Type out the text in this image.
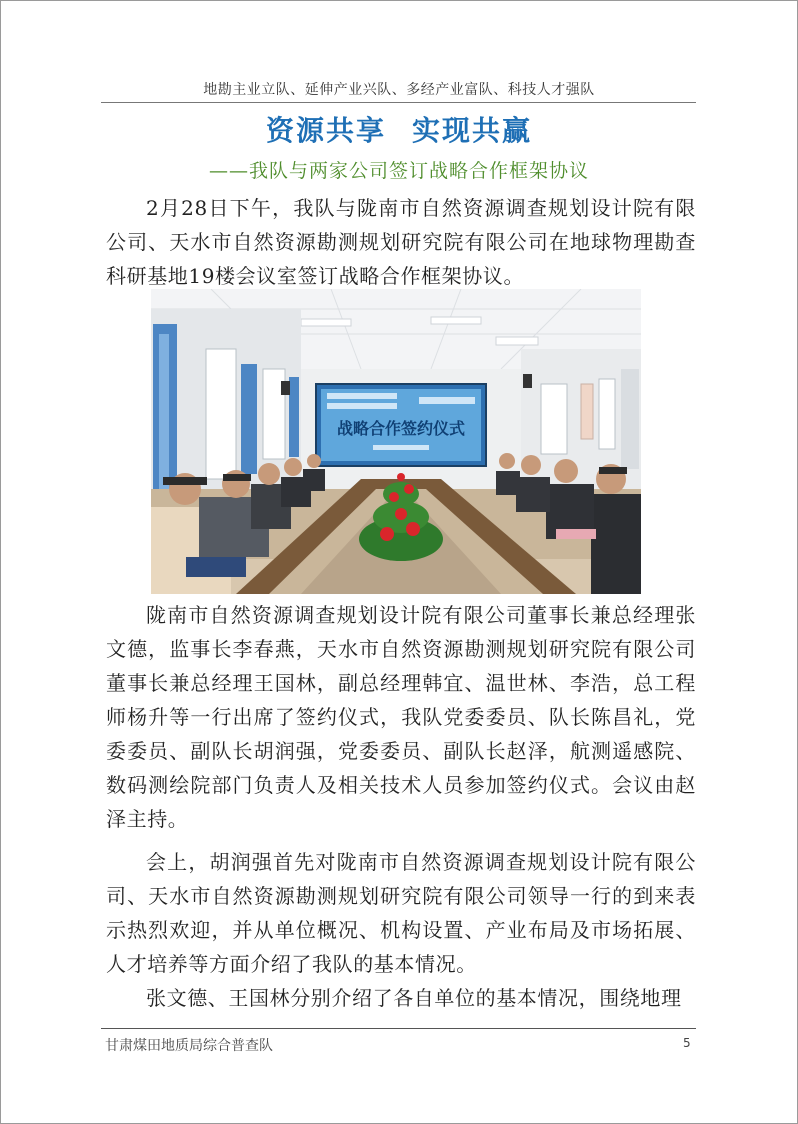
地勘主业立队、延伸产业兴队、多经产业富队、科技人才强队
资源共享 实现共赢
——我队与两家公司签订战略合作框架协议
2月28日下午，我队与陇南市自然资源调查规划设计院有限公司、天水市自然资源勘测规划研究院有限公司在地球物理勘查科研基地19楼会议室签订战略合作框架协议。
战略合作签约仪式
陇南市自然资源调查规划设计院有限公司董事长兼总经理张文德，监事长李春燕，天水市自然资源勘测规划研究院有限公司董事长兼总经理王国林，副总经理韩宜、温世林、李浩，总工程师杨升等一行出席了签约仪式，我队党委委员、队长陈昌礼，党委委员、副队长胡润强，党委委员、副队长赵泽，航测遥感院、数码测绘院部门负责人及相关技术人员参加签约仪式。会议由赵泽主持。
会上，胡润强首先对陇南市自然资源调查规划设计院有限公司、天水市自然资源勘测规划研究院有限公司领导一行的到来表示热烈欢迎，并从单位概况、机构设置、产业布局及市场拓展、人才培养等方面介绍了我队的基本情况。
张文德、王国林分别介绍了各自单位的基本情况，围绕地理
甘肃煤田地质局综合普查队	5
